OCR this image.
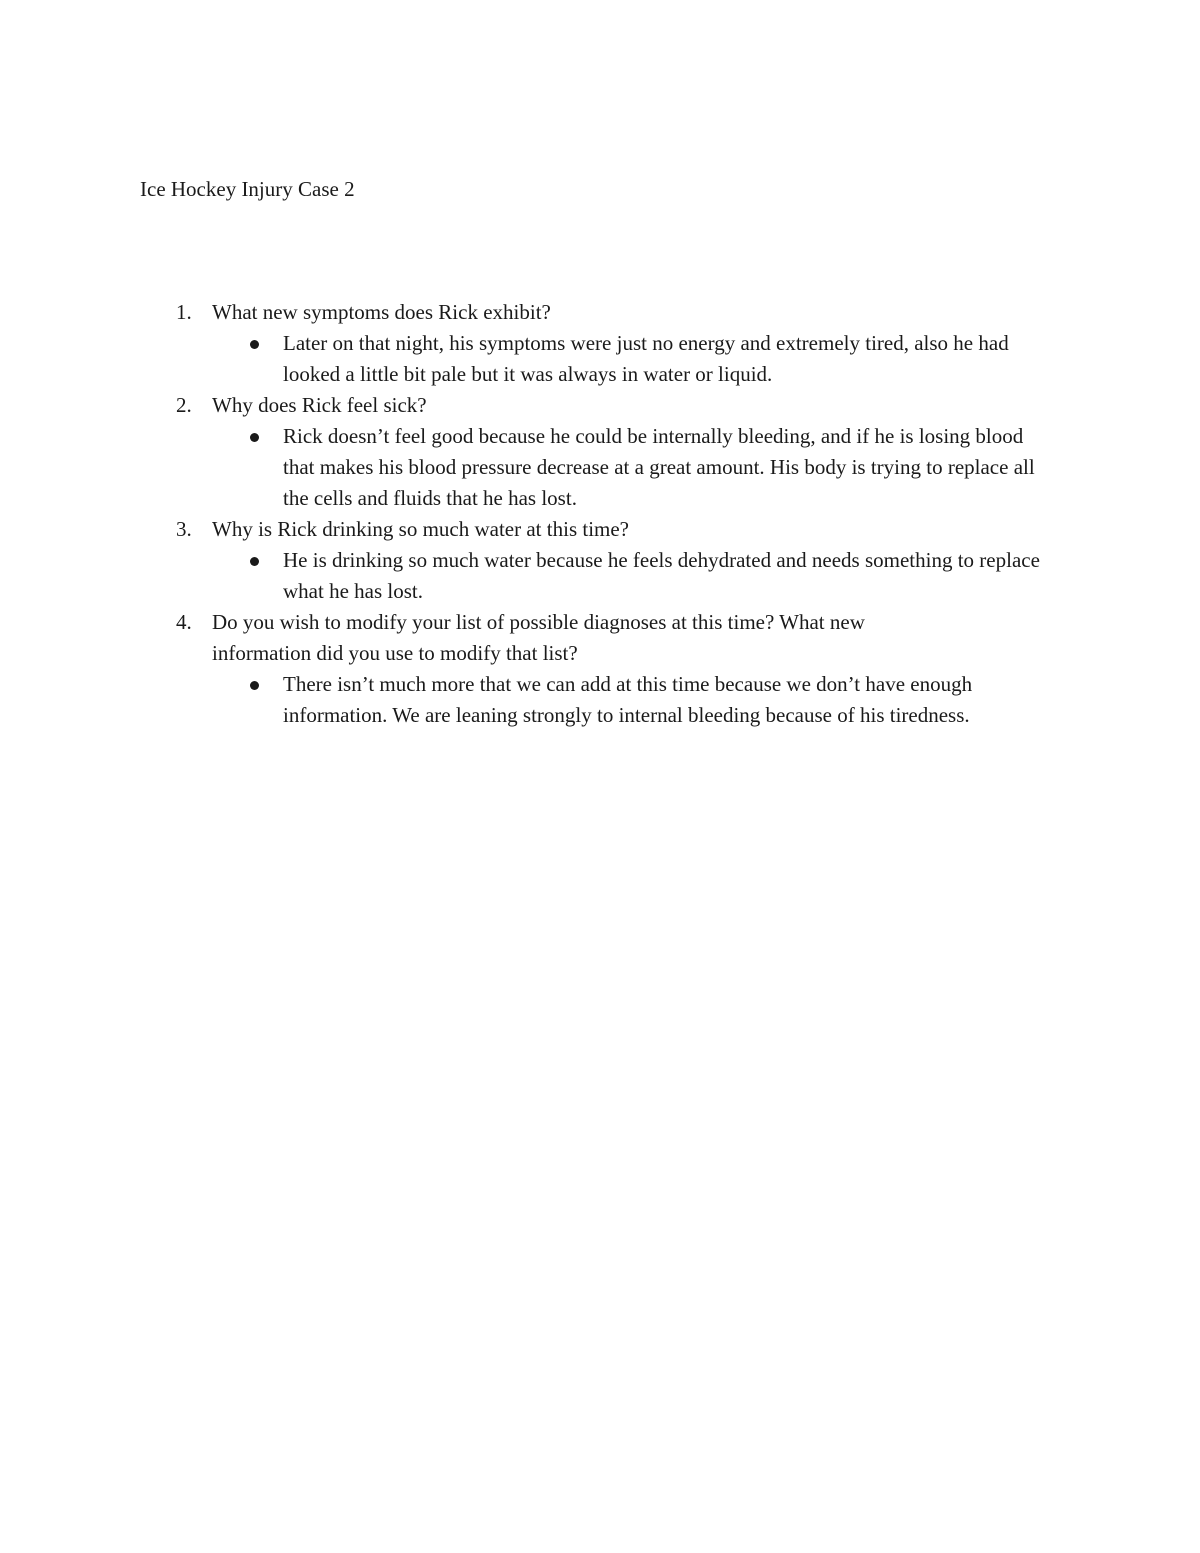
Ice Hockey Injury Case 2
1. What new symptoms does Rick exhibit?
Later on that night, his symptoms were just no energy and extremely tired, also he had looked a little bit pale but it was always in water or liquid.
2. Why does Rick feel sick?
Rick doesn’t feel good because he could be internally bleeding, and if he is losing blood that makes his blood pressure decrease at a great amount. His body is trying to replace all the cells and fluids that he has lost.
3. Why is Rick drinking so much water at this time?
He is drinking so much water because he feels dehydrated and needs something to replace what he has lost.
4. Do you wish to modify your list of possible diagnoses at this time? What new information did you use to modify that list?
There isn’t much more that we can add at this time because we don’t have enough information. We are leaning strongly to internal bleeding because of his tiredness.
